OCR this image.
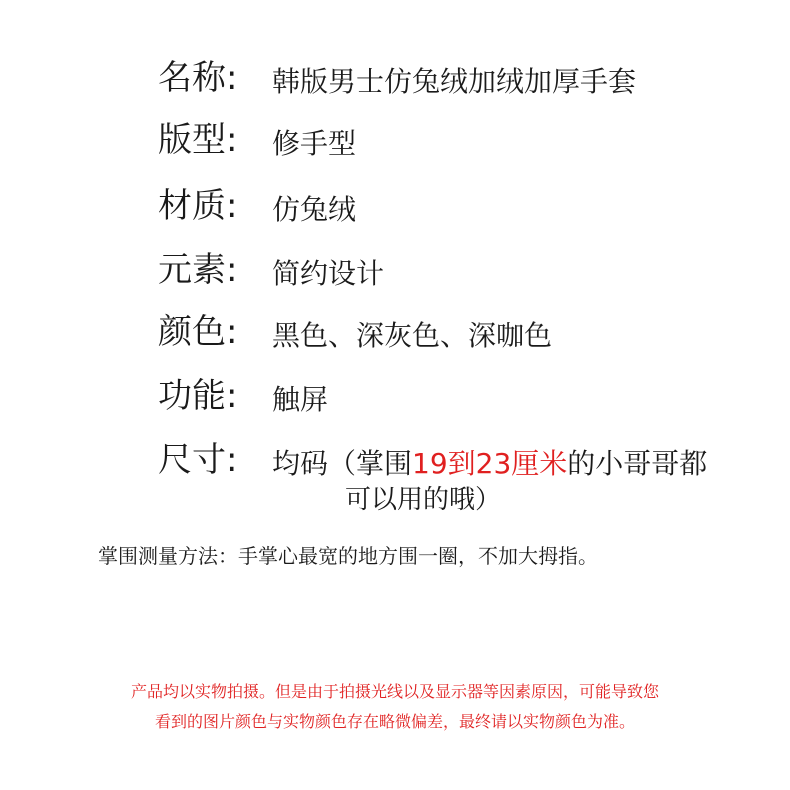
名称: 韩版男士仿兔绒加绒加厚手套
版型: 修手型
材质: 仿兔绒
元素: 简约设计
颜色: 黑色、深灰色、深咖色
功能: 触屏
尺寸: 均码（掌围19到23厘米的小哥哥都
可以用的哦）
掌围测量方法：手掌心最宽的地方围一圈，不加大拇指。
产品均以实物拍摄。但是由于拍摄光线以及显示器等因素原因，可能导致您
看到的图片颜色与实物颜色存在略微偏差，最终请以实物颜色为准。
